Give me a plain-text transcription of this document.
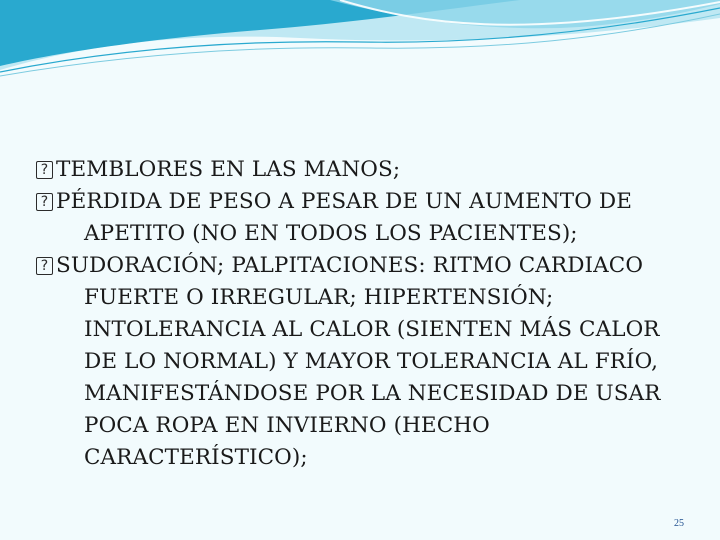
? TEMBLORES EN LAS MANOS;
? PÉRDIDA DE PESO A PESAR DE UN AUMENTO DE APETITO (NO EN TODOS LOS PACIENTES);
? SUDORACIÓN; PALPITACIONES: RITMO CARDIACO FUERTE O IRREGULAR; HIPERTENSIÓN; INTOLERANCIA AL CALOR (SIENTEN MÁS CALOR DE LO NORMAL) Y MAYOR TOLERANCIA AL FRÍO, MANIFESTÁNDOSE POR LA NECESIDAD DE USAR POCA ROPA EN INVIERNO (HECHO CARACTERÍSTICO);
25
